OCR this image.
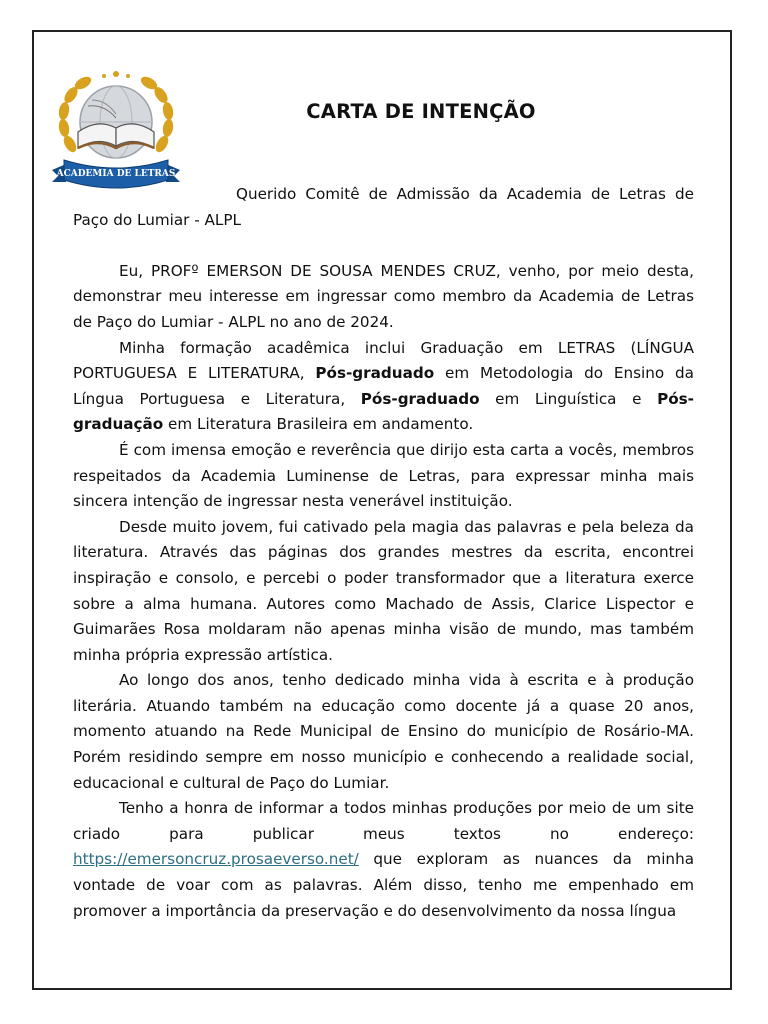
ACADEMIA DE LETRAS
CARTA DE INTENÇÃO

Querido Comitê de Admissão da Academia de Letras de Paço do Lumiar - ALPL

Eu, PROFº EMERSON DE SOUSA MENDES CRUZ, venho, por meio desta, demonstrar meu interesse em ingressar como membro da Academia de Letras de Paço do Lumiar - ALPL no ano de 2024.

Minha formação acadêmica inclui Graduação em LETRAS (LÍNGUA PORTUGUESA E LITERATURA, Pós-graduado em Metodologia do Ensino da Língua Portuguesa e Literatura, Pós-graduado em Linguística e Pós-graduação em Literatura Brasileira em andamento.

É com imensa emoção e reverência que dirijo esta carta a vocês, membros respeitados da Academia Luminense de Letras, para expressar minha mais sincera intenção de ingressar nesta venerável instituição.

Desde muito jovem, fui cativado pela magia das palavras e pela beleza da literatura. Através das páginas dos grandes mestres da escrita, encontrei inspiração e consolo, e percebi o poder transformador que a literatura exerce sobre a alma humana. Autores como Machado de Assis, Clarice Lispector e Guimarães Rosa moldaram não apenas minha visão de mundo, mas também minha própria expressão artística.

Ao longo dos anos, tenho dedicado minha vida à escrita e à produção literária. Atuando também na educação como docente já a quase 20 anos, momento atuando na Rede Municipal de Ensino do município de Rosário-MA. Porém residindo sempre em nosso município e conhecendo a realidade social, educacional e cultural de Paço do Lumiar.

Tenho a honra de informar a todos minhas produções por meio de um site criado para publicar meus textos no endereço:

https://emersoncruz.prosaeverso.net/ que exploram as nuances da minha vontade de voar com as palavras. Além disso, tenho me empenhado em promover a importância da preservação e do desenvolvimento da nossa língua
